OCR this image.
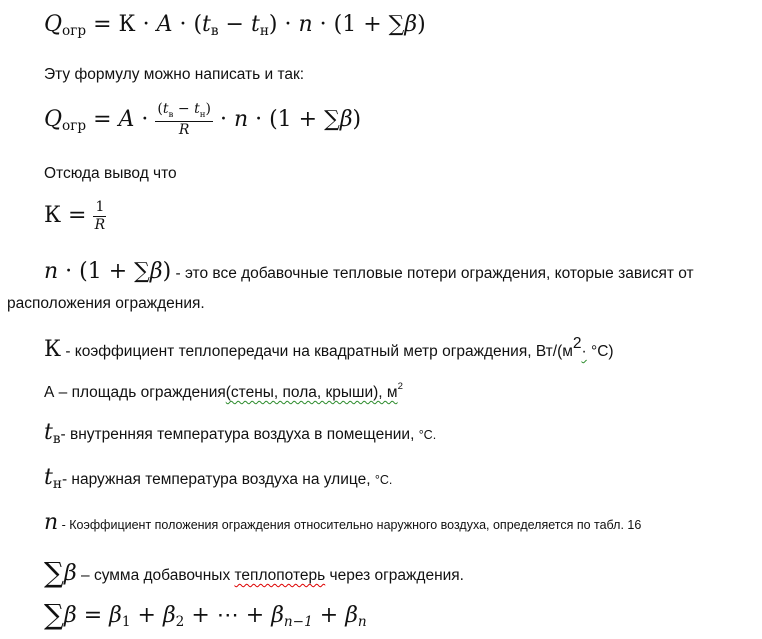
$Q_{огр} = К \cdot A \cdot (t_в - t_н) \cdot n \cdot (1 + \sum\beta)$
Эту формулу можно написать и так:
$Q_{огр} = A \cdot \frac{(t_в - t_н)}{R} \cdot n \cdot (1 + \sum\beta)$
Отсюда вывод что
$К = \frac{1}{R}$
n · (1 + ∑β) - это все добавочные тепловые потери ограждения, которые зависят от
расположения ограждения.
К - коэффициент теплопередачи на квадратный метр ограждения, $Вт/(м^2\cdot ^\circ С)$
А – площадь ограждения(стены, пола, крыши), $м^2$
$t_в-$ внутренняя температура воздуха в помещении, °С.
$t_н-$ наружная температура воздуха на улице, °С.
n - Коэффициент положения ограждения относительно наружного воздуха, определяется по табл. 16
∑β – сумма добавочных теплопотерь через ограждения.
$\sum\beta = \beta_1 + \beta_2$ + ⋯ + $\beta_{n-1} + \beta_n$
